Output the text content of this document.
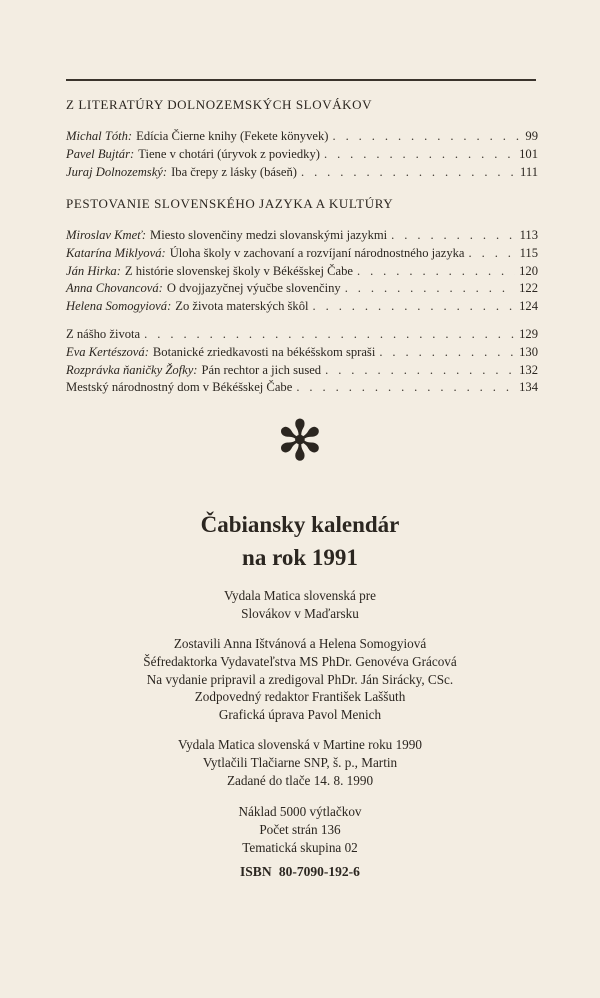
Z LITERATÚRY DOLNOZEMSKÝCH SLOVÁKOV
Michal Tóth: Edícia Čierne knihy (Fekete könyvek) . . .	99
Pavel Bujtár: Tiene v chotári (úryvok z poviedky) . . .	101
Juraj Dolnozemský: Iba črepy z lásky (báseň) . . .	111
PESTOVANIE SLOVENSKÉHO JAZYKA A KULTÚRY
Miroslav Kmeť: Miesto slovenčiny medzi slovanskými jazykmi . . .	113
Katarína Miklyová: Úloha školy v zachovaní a rozvíjaní národnostného jazyka . . .	115
Ján Hirka: Z histórie slovenskej školy v Békéšskej Čabe . . .	120
Anna Chovancová: O dvojjazyčnej výučbe slovenčiny . . .	122
Helena Somogyiová: Zo života materských škôl . . .	124
Z nášho života . . .	129
Eva Kertészová: Botanické zriedkavosti na békéšskom spraši . . .	130
Rozprávka ňaničky Žofky: Pán rechtor a jich sused . . .	132
Mestský národnostný dom v Békéšskej Čabe . . .	134
✻
Čabiansky kalendár
na rok 1991
Vydala Matica slovenská pre
Slovákov v Maďarsku
Zostavili Anna Ištvánová a Helena Somogyiová
Šéfredaktorka Vydavateľstva MS PhDr. Genovéva Grácová
Na vydanie pripravil a zredigoval PhDr. Ján Sirácky, CSc.
Zodpovedný redaktor František Laššuth
Grafická úprava Pavol Menich
Vydala Matica slovenská v Martine roku 1990
Vytlačili Tlačiarne SNP, š. p., Martin
Zadané do tlače 14. 8. 1990
Náklad 5000 výtlačkov
Počet strán 136
Tematická skupina 02
ISBN 80-7090-192-6
